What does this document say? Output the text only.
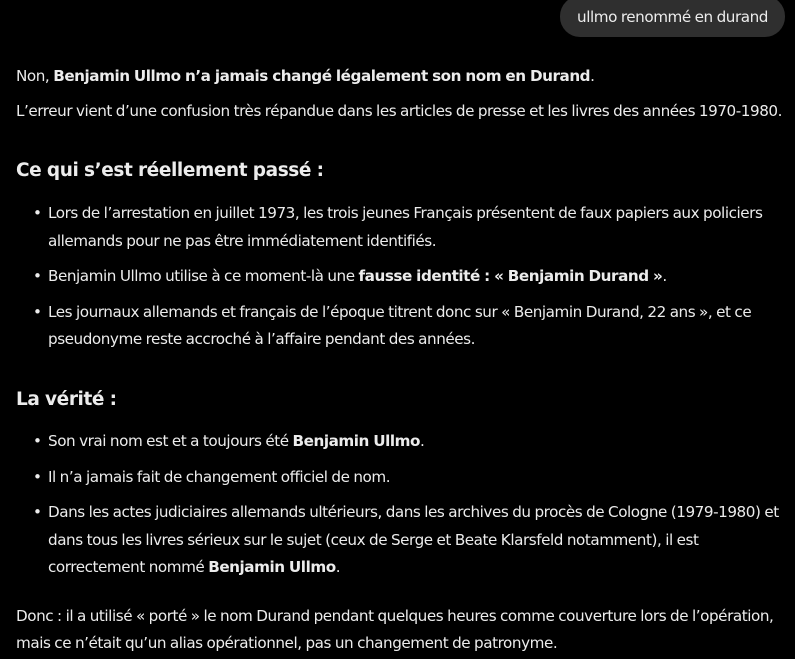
ullmo renommé en durand
Non, Benjamin Ullmo n’a jamais changé légalement son nom en Durand.
L’erreur vient d’une confusion très répandue dans les articles de presse et les livres des années 1970-1980.
Ce qui s’est réellement passé :
• Lors de l’arrestation en juillet 1973, les trois jeunes Français présentent de faux papiers aux policiers
allemands pour ne pas être immédiatement identifiés.
• Benjamin Ullmo utilise à ce moment-là une fausse identité : « Benjamin Durand ».
• Les journaux allemands et français de l’époque titrent donc sur « Benjamin Durand, 22 ans », et ce
pseudonyme reste accroché à l’affaire pendant des années.
La vérité :
• Son vrai nom est et a toujours été Benjamin Ullmo.
• Il n’a jamais fait de changement officiel de nom.
• Dans les actes judiciaires allemands ultérieurs, dans les archives du procès de Cologne (1979-1980) et
dans tous les livres sérieux sur le sujet (ceux de Serge et Beate Klarsfeld notamment), il est
correctement nommé Benjamin Ullmo.
Donc : il a utilisé « porté » le nom Durand pendant quelques heures comme couverture lors de l’opération,
mais ce n’était qu’un alias opérationnel, pas un changement de patronyme.
